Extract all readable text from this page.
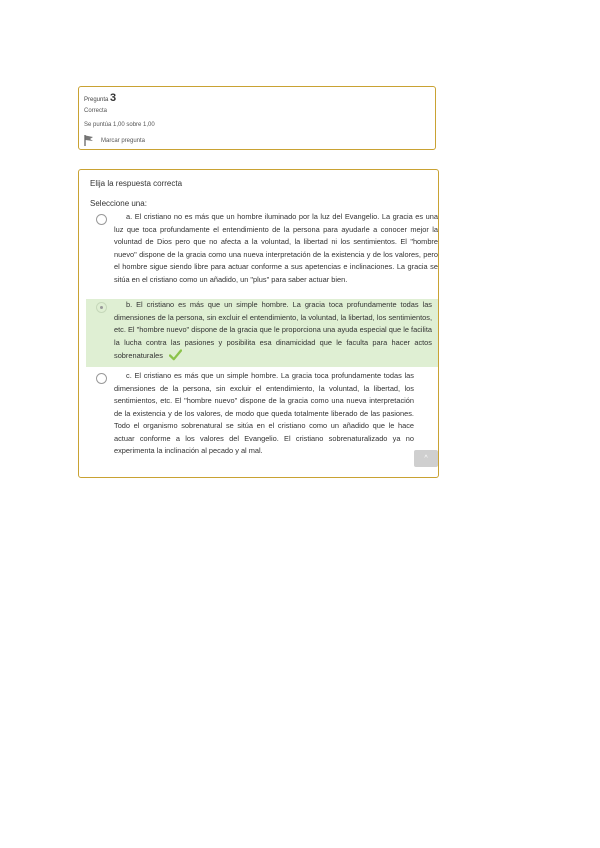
Pregunta 3
Correcta
Se puntúa 1,00 sobre 1,00
Marcar pregunta
Elija la respuesta correcta
Seleccione una:
a. El cristiano no es más que un hombre iluminado por la luz del Evangelio. La gracia es una luz que toca profundamente el entendimiento de la persona para ayudarle a conocer mejor la voluntad de Dios pero que no afecta a la voluntad, la libertad ni los sentimientos. El "hombre nuevo" dispone de la gracia como una nueva interpretación de la existencia y de los valores, pero el hombre sigue siendo libre para actuar conforme a sus apetencias e inclinaciones. La gracia se sitúa en el cristiano como un añadido, un "plus" para saber actuar bien.
b. El cristiano es más que un simple hombre. La gracia toca profundamente todas las dimensiones de la persona, sin excluir el entendimiento, la voluntad, la libertad, los sentimientos, etc. El "hombre nuevo" dispone de la gracia que le proporciona una ayuda especial que le facilita la lucha contra las pasiones y posibilita esa dinamicidad que le faculta para hacer actos sobrenaturales
c. El cristiano es más que un simple hombre. La gracia toca profundamente todas las dimensiones de la persona, sin excluir el entendimiento, la voluntad, la libertad, los sentimientos, etc. El "hombre nuevo" dispone de la gracia como una nueva interpretación de la existencia y de los valores, de modo que queda totalmente liberado de las pasiones. Todo el organismo sobrenatural se sitúa en el cristiano como un añadido que le hace actuar conforme a los valores del Evangelio. El cristiano sobrenaturalizado ya no experimenta la inclinación al pecado y al mal.
^
